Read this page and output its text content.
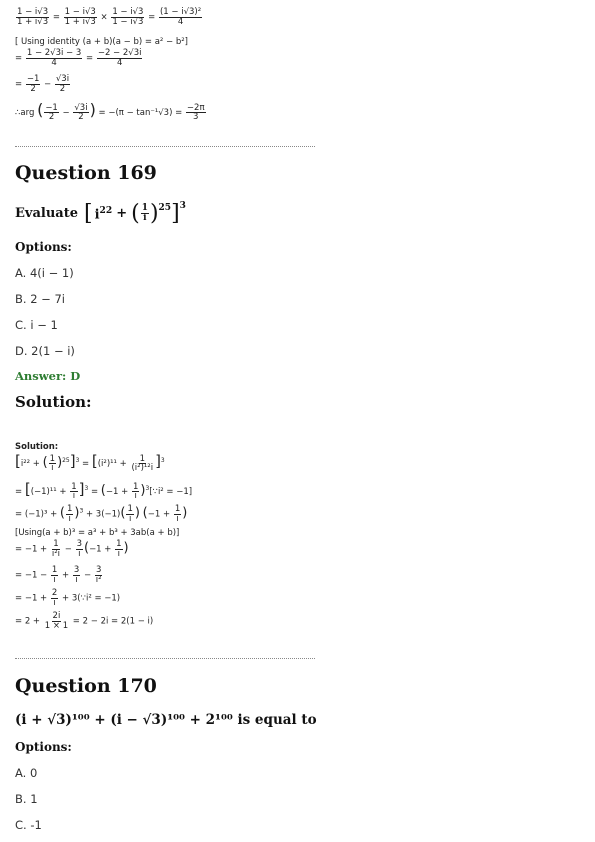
$\frac{1 - i√3}{1 + i√3} = \frac{1 - i√3}{1 + i√3} \times \frac{1 - i√3}{1 - i√3} = \frac{\text{(1 − i√3)²}}{4}$
[ Using identity (a + b)(a − b) = a² − b²]
= $\frac{1 - 2√3i - 3}{4} = \frac{-2 - 2√3i}{4}$
= $\frac{-1}{2} - \frac{√3i}{2}$
∴arg ( $\frac{-1}{2} - \frac{√3i}{2}$ ) = $-(\pi - \tan^{-1}√3) = \frac{-2\pi}{3}$
Question 169
Evaluate [ $i^{22}$ + ( $\frac{1}{i} )^{25}$ ]$^3$
Options:
A. 4(i − 1)
B. 2 − 7i
C. i − 1
D. 2(1 − i)
Answer: D
Solution:
Solution:
[i²² + ( $\frac{1}{i} )^{25}]^3 = [(i^2)^{11} + \frac{1}{\text{(i²)¹²i}} ]^3$
= $[(-1)^{11} + \frac{1}{i} ]^3 = (-1 + \frac{1}{i}$ )$^3[\because i^2 = -1]$
= (−1)³ + ( $\frac{1}{i} )^3 + 3(-1)( \frac{1}{i}$ ) ($-1 + \frac{1}{i}$ )
[Using(a + b)³ = a³ + b³ + 3ab(a + b)]
= $-1 + \frac{1}{\text{i²i}} - \frac{3}{i} (-1 + \frac{1}{i}$ )
= $-1 - \frac{1}{i} + \frac{3}{i} - \frac{3}{\text{i²}}$
= $-1 + \frac{2}{i}$ + 3(∵i² = −1)
= $2 + \frac{2i}{1 \times 1} = 2 - 2i = 2(1 - i)$
Question 170
(i + √3)¹⁰⁰ + (i − √3)¹⁰⁰ + 2¹⁰⁰ is equal to
Options:
A. 0
B. 1
C. -1
